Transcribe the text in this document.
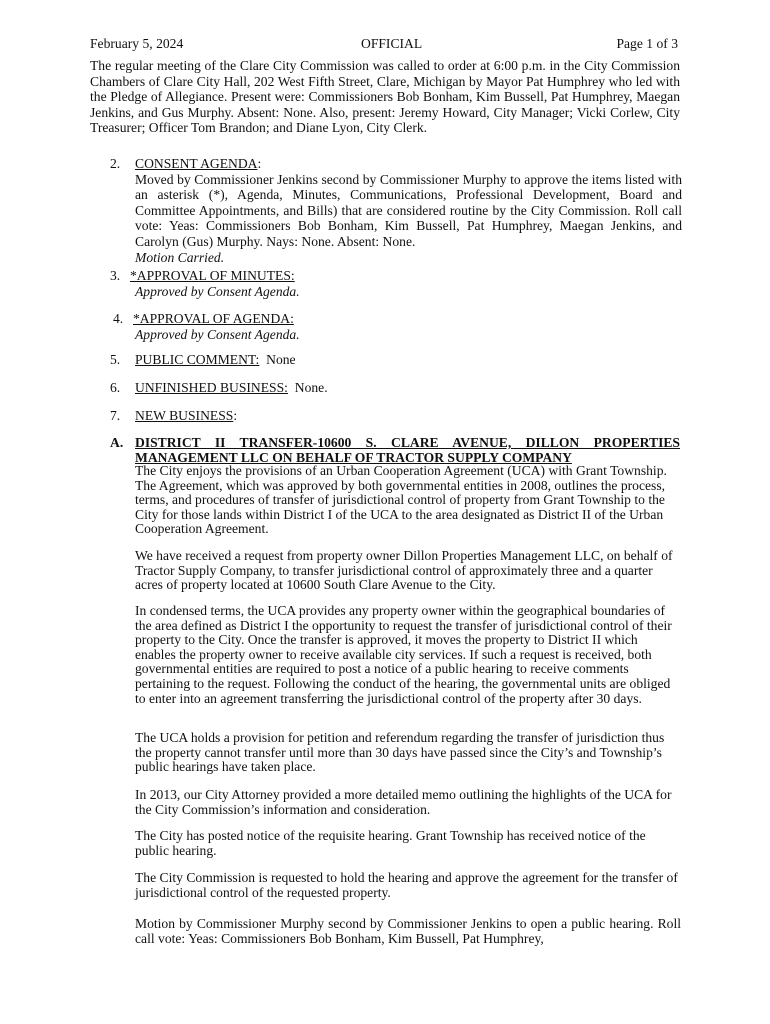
February 5, 2024	OFFICIAL	Page 1 of 3

The regular meeting of the Clare City Commission was called to order at 6:00 p.m. in the City Commission Chambers of Clare City Hall, 202 West Fifth Street, Clare, Michigan by Mayor Pat Humphrey who led with the Pledge of Allegiance. Present were: Commissioners Bob Bonham, Kim Bussell, Pat Humphrey, Maegan Jenkins, and Gus Murphy. Absent: None. Also, present: Jeremy Howard, City Manager; Vicki Corlew, City Treasurer; Officer Tom Brandon; and Diane Lyon, City Clerk.

2.	CONSENT AGENDA:
Moved by Commissioner Jenkins second by Commissioner Murphy to approve the items listed with an asterisk (*), Agenda, Minutes, Communications, Professional Development, Board and Committee Appointments, and Bills) that are considered routine by the City Commission. Roll call vote: Yeas: Commissioners Bob Bonham, Kim Bussell, Pat Humphrey, Maegan Jenkins, and Carolyn (Gus) Murphy. Nays: None. Absent: None.
Motion Carried.
3. *APPROVAL OF MINUTES:
Approved by Consent Agenda.
4. *APPROVAL OF AGENDA:
Approved by Consent Agenda.
5.	PUBLIC COMMENT:  None
6.	UNFINISHED BUSINESS:  None.
7.	NEW BUSINESS:
A. DISTRICT II TRANSFER-10600 S. CLARE AVENUE, DILLON PROPERTIES MANAGEMENT LLC ON BEHALF OF TRACTOR SUPPLY COMPANY

The City enjoys the provisions of an Urban Cooperation Agreement (UCA) with Grant Township. The Agreement, which was approved by both governmental entities in 2008, outlines the process, terms, and procedures of transfer of jurisdictional control of property from Grant Township to the City for those lands within District I of the UCA to the area designated as District II of the Urban Cooperation Agreement.

We have received a request from property owner Dillon Properties Management LLC, on behalf of Tractor Supply Company, to transfer jurisdictional control of approximately three and a quarter acres of property located at 10600 South Clare Avenue to the City.

In condensed terms, the UCA provides any property owner within the geographical boundaries of the area defined as District I the opportunity to request the transfer of jurisdictional control of their property to the City. Once the transfer is approved, it moves the property to District II which enables the property owner to receive available city services. If such a request is received, both governmental entities are required to post a notice of a public hearing to receive comments pertaining to the request. Following the conduct of the hearing, the governmental units are obliged to enter into an agreement transferring the jurisdictional control of the property after 30 days.

The UCA holds a provision for petition and referendum regarding the transfer of jurisdiction thus the property cannot transfer until more than 30 days have passed since the City’s and Township’s public hearings have taken place.

In 2013, our City Attorney provided a more detailed memo outlining the highlights of the UCA for the City Commission’s information and consideration.

The City has posted notice of the requisite hearing. Grant Township has received notice of the public hearing.

The City Commission is requested to hold the hearing and approve the agreement for the transfer of jurisdictional control of the requested property.

Motion by Commissioner Murphy second by Commissioner Jenkins to open a public hearing. Roll call vote: Yeas: Commissioners Bob Bonham, Kim Bussell, Pat Humphrey,
